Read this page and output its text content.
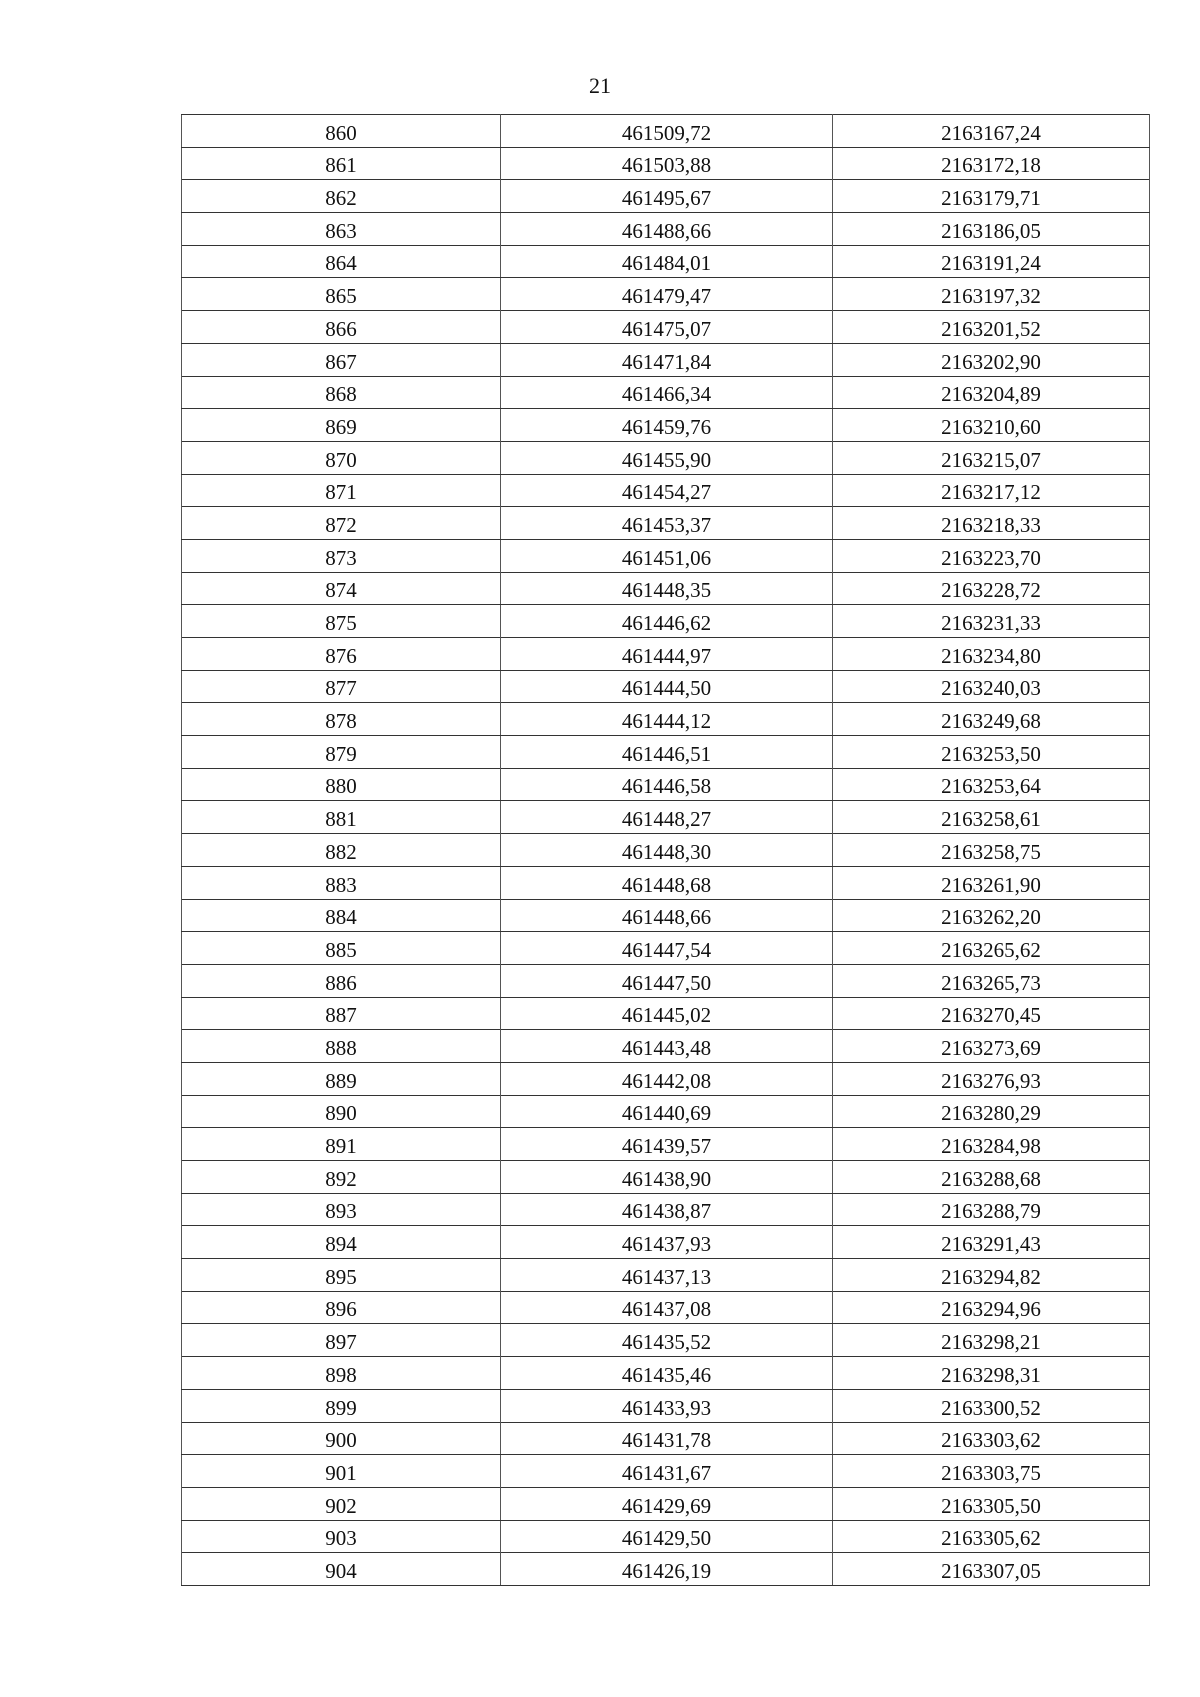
21
860	461509,72	2163167,24
861	461503,88	2163172,18
862	461495,67	2163179,71
863	461488,66	2163186,05
864	461484,01	2163191,24
865	461479,47	2163197,32
866	461475,07	2163201,52
867	461471,84	2163202,90
868	461466,34	2163204,89
869	461459,76	2163210,60
870	461455,90	2163215,07
871	461454,27	2163217,12
872	461453,37	2163218,33
873	461451,06	2163223,70
874	461448,35	2163228,72
875	461446,62	2163231,33
876	461444,97	2163234,80
877	461444,50	2163240,03
878	461444,12	2163249,68
879	461446,51	2163253,50
880	461446,58	2163253,64
881	461448,27	2163258,61
882	461448,30	2163258,75
883	461448,68	2163261,90
884	461448,66	2163262,20
885	461447,54	2163265,62
886	461447,50	2163265,73
887	461445,02	2163270,45
888	461443,48	2163273,69
889	461442,08	2163276,93
890	461440,69	2163280,29
891	461439,57	2163284,98
892	461438,90	2163288,68
893	461438,87	2163288,79
894	461437,93	2163291,43
895	461437,13	2163294,82
896	461437,08	2163294,96
897	461435,52	2163298,21
898	461435,46	2163298,31
899	461433,93	2163300,52
900	461431,78	2163303,62
901	461431,67	2163303,75
902	461429,69	2163305,50
903	461429,50	2163305,62
904	461426,19	2163307,05
